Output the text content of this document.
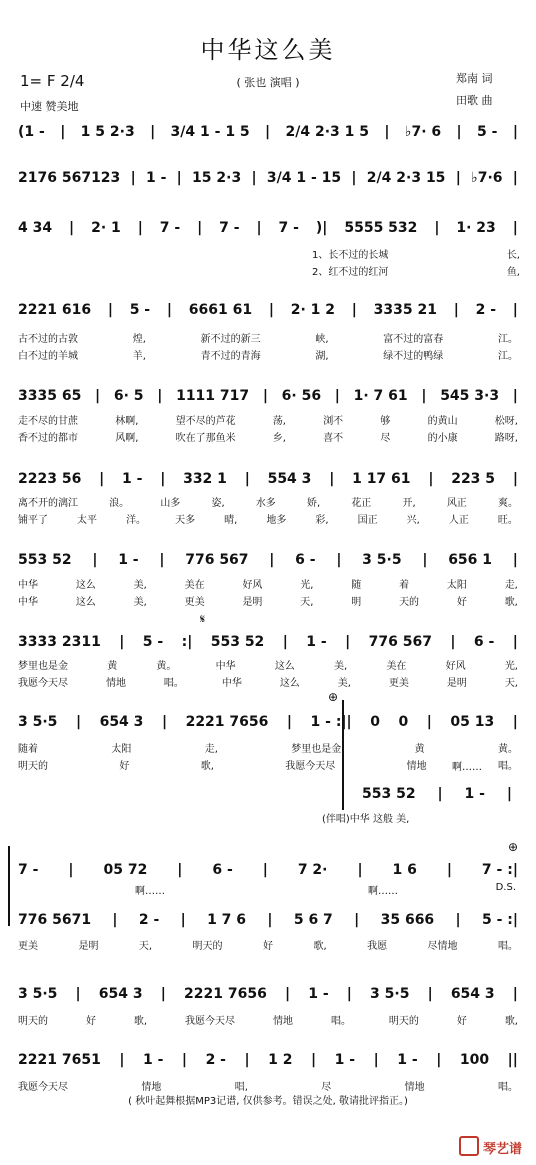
中华这么美
1= F 2/4
中速 赞美地
( 张也 演唱 )	郑南 词
田歌 曲
(1 - | 1 5 2·3 | 3/4 1 - 1 5 | 2/4 2·3 1 5 | ♭7· 6 | 5 - |
2176 567123 | 1 - | 15 2·3 | 3/4 1 - 15 | 2/4 2·3 15 | ♭7·6 |
4 34 | 2· 1 | 7 - | 7 - | 7 - )| 5555 532 | 1· 23 |
2221 616 | 5 - | 6661 61 | 2· 1 2 | 3335 21 | 2 - |
3335 65 | 6· 5 | 1111 717 | 6· 56 | 1· 7 61 | 545 3·3 |
2223 56 | 1 - | 332 1 | 554 3 | 1 17 61 | 223 5 |
553 52 | 1 - | 776 567 | 6 - | 3 5·5 | 656 1 |
3333 2311 | 5 - :| 553 52 | 1 - | 776 567 | 6 - |
3 5·5 | 654 3 | 2221 7656 | 1 - :|| 0 0 | 05 13 |
553 52 | 1 - |
7 - | 05 72 | 6 - | 7 2· | 1 6 | 7 - :|
776 5671 | 2 - | 1 7 6 | 5 6 7 | 35 666 | 5 - :|
3 5·5 | 654 3 | 2221 7656 | 1 - | 3 5·5 | 654 3 |
2221 7651 | 1 - | 2 - | 1 2 | 1 - | 1 - | 100 ||
1、长不过的长城	长,
2、红不过的红河	鱼,
古不过的古敦	煌,	新不过的新三	峡,	富不过的富春	江。
白不过的羊城	羊,	青不过的青海	湖,	绿不过的鸭绿	江。
走不尽的甘蔗	林啊,	望不尽的芦花	荡,	浏不	够	的黄山	松呀,
香不过的都市	风啊,	吹在了那鱼米	乡,	喜不	尽	的小康	路呀,
离不开的漓江	浪。	山多	姿,	水多	娇,	花正	开,	风正	爽。
铺平了	太平	洋。	天多	晴,	地多	彩,	国正	兴,	人正	旺。
中华	这么	美,	美在	好风	光,	随	着	太阳	走,
中华	这么	美,	更美	是明	天,	明	天的	好	歌,
梦里也是金	黄	黄。	中华	这么	美,	美在	好风	光,
我愿今天尽	情地	唱。	中华	这么	美,	更美	是明	天,
随着	太阳	走,	梦里也是金	黄	黄。
明天的	好	歌,	我愿今天尽	情地	唱。
更美	是明	天,	明天的	好	歌,	我愿	尽情地	唱。
明天的	好	歌,	我愿今天尽	情地	唱。	明天的	好	歌,
我愿今天尽	情地	唱,	尽	情地	唱。
啊……
(伴唱)中华 这般 美,
啊……	啊……
⊕
⊕
𝄋
D.S.
( 秋叶起舞根据MP3记谱, 仅供参考。错误之处, 敬请批评指正。)
琴艺谱
